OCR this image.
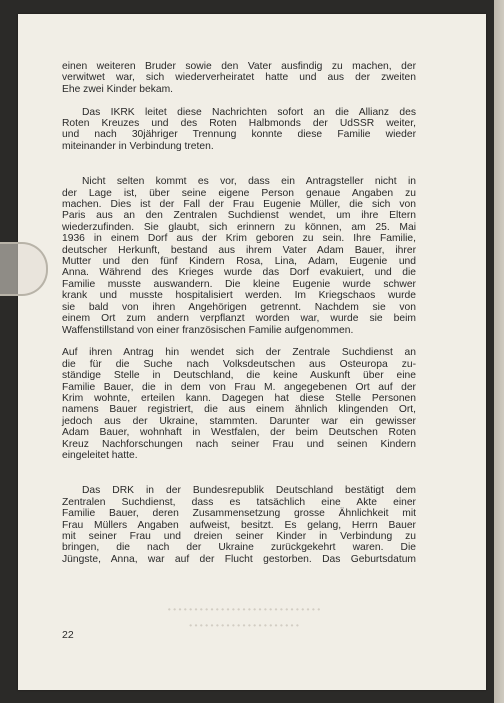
einen weiteren Bruder sowie den Vater ausfindig zu machen, der
verwitwet war, sich wiederverheiratet hatte und aus der zweiten
Ehe zwei Kinder bekam.
Das IKRK leitet diese Nachrichten sofort an die Allianz des
Roten Kreuzes und des Roten Halbmonds der UdSSR weiter,
und nach 30jähriger Trennung konnte diese Familie wieder
miteinander in Verbindung treten.
Nicht selten kommt es vor, dass ein Antragsteller nicht in
der Lage ist, über seine eigene Person genaue Angaben zu
machen. Dies ist der Fall der Frau Eugenie Müller, die sich von
Paris aus an den Zentralen Suchdienst wendet, um ihre Eltern
wiederzufinden. Sie glaubt, sich erinnern zu können, am 25. Mai
1936 in einem Dorf aus der Krim geboren zu sein. Ihre Familie,
deutscher Herkunft, bestand aus ihrem Vater Adam Bauer, ihrer
Mutter und den fünf Kindern Rosa, Lina, Adam, Eugenie und
Anna. Während des Krieges wurde das Dorf evakuiert, und die
Familie musste auswandern. Die kleine Eugenie wurde schwer
krank und musste hospitalisiert werden. Im Kriegschaos wurde
sie bald von ihren Angehörigen getrennt. Nachdem sie von
einem Ort zum andern verpflanzt worden war, wurde sie beim
Waffenstillstand von einer französischen Familie aufgenommen.
Auf ihren Antrag hin wendet sich der Zentrale Suchdienst an
die für die Suche nach Volksdeutschen aus Osteuropa zu-
ständige Stelle in Deutschland, die keine Auskunft über eine
Familie Bauer, die in dem von Frau M. angegebenen Ort auf der
Krim wohnte, erteilen kann. Dagegen hat diese Stelle Personen
namens Bauer registriert, die aus einem ähnlich klingenden Ort,
jedoch aus der Ukraine, stammten. Darunter war ein gewisser
Adam Bauer, wohnhaft in Westfalen, der beim Deutschen Roten
Kreuz Nachforschungen nach seiner Frau und seinen Kindern
eingeleitet hatte.
Das DRK in der Bundesrepublik Deutschland bestätigt dem
Zentralen Suchdienst, dass es tatsächlich eine Akte einer
Familie Bauer, deren Zusammensetzung grosse Ähnlichkeit mit
Frau Müllers Angaben aufweist, besitzt. Es gelang, Herrn Bauer
mit seiner Frau und dreien seiner Kinder in Verbindung zu
bringen, die nach der Ukraine zurückgekehrt waren. Die
Jüngste, Anna, war auf der Flucht gestorben. Das Geburtsdatum
• • • • • • • • • • • • • • • • • • • • • • • • • • • • •
• • • • • • • • • • • • • • • • • • • • •
22
